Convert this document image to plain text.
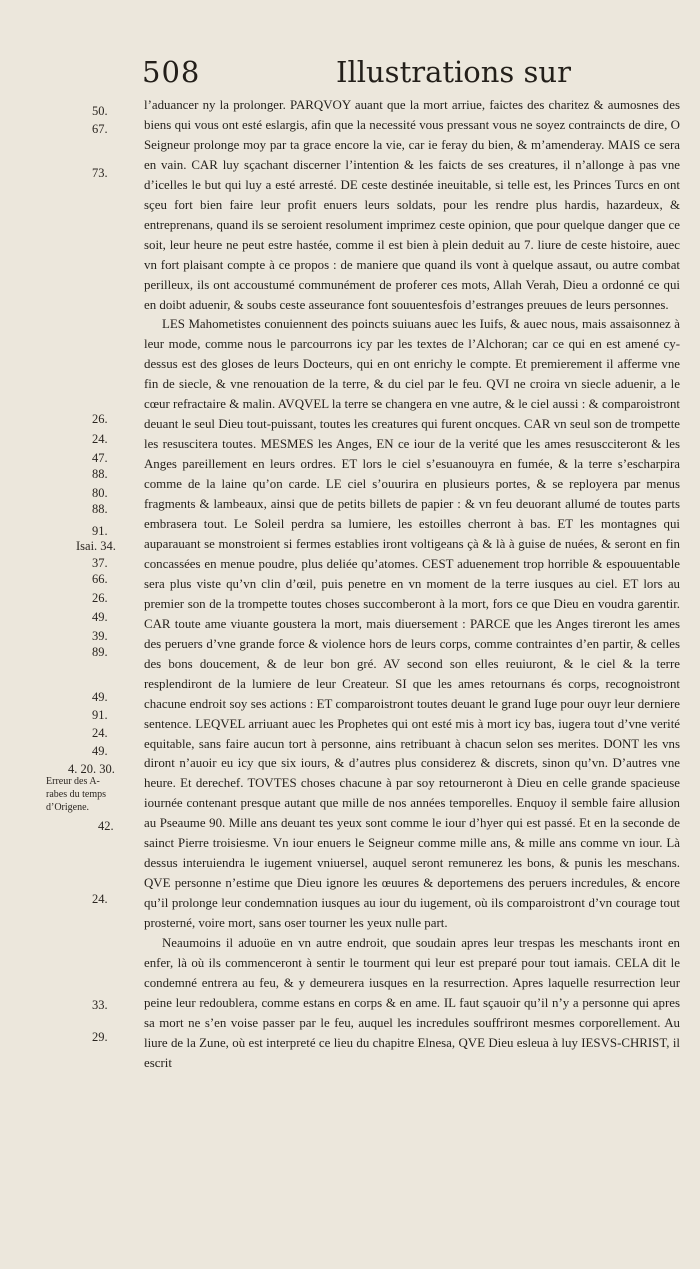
508	Illustrations sur
50.
67.
73.
26.
24.
47.
88.
80.
88.
91.
Isai. 34.
37.
66.
26.
49.
39.
89.
49.
91.
24.
49.
4. 20. 30.
Erreur des A-
rabes du temps
d’Origene.
42.
24.
33.
29.

l’aduancer ny la prolonger. PARQVOY auant que la mort arriue, faictes des charitez & aumosnes des biens qui vous ont esté eslargis, afin que la necessité vous pressant vous ne soyez contraincts de dire, O Seigneur prolonge moy par ta grace encore la vie, car ie feray du bien, & m’amenderay. MAIS ce sera en vain. CAR luy sçachant discerner l’intention & les faicts de ses creatures, il n’allonge à pas vne d’icelles le but qui luy a esté arresté. DE ceste destinée ineuitable, si telle est, les Princes Turcs en ont sçeu fort bien faire leur profit enuers leurs soldats, pour les rendre plus hardis, hazardeux, & entreprenans, quand ils se seroient resolument imprimez ceste opinion, que pour quelque danger que ce soit, leur heure ne peut estre hastée, comme il est bien à plein deduit au 7. liure de ceste histoire, auec vn fort plaisant compte à ce propos : de maniere que quand ils vont à quelque assaut, ou autre combat perilleux, ils ont accoustumé communément de proferer ces mots, Allah Verah, Dieu a ordonné ce qui en doibt aduenir, & soubs ceste asseurance font souuentesfois d’estranges preuues de leurs personnes.

LES Mahometistes conuiennent des poincts suiuans auec les Iuifs, & auec nous, mais assaisonnez à leur mode, comme nous le parcourrons icy par les textes de l’Alchoran; car ce qui en est amené cy-dessus est des gloses de leurs Docteurs, qui en ont enrichy le compte. Et premierement il afferme vne fin de siecle, & vne renouation de la terre, & du ciel par le feu. QVI ne croira vn siecle aduenir, a le cœur refractaire & malin. AVQVEL la terre se changera en vne autre, & le ciel aussi : & comparoistront deuant le seul Dieu tout-puissant, toutes les creatures qui furent oncques. CAR vn seul son de trompette les resuscitera toutes. MESMES les Anges, EN ce iour de la verité que les ames resuscciteront & les Anges pareillement en leurs ordres. ET lors le ciel s’esuanouyra en fumée, & la terre s’escharpira comme de la laine qu’on carde. LE ciel s’ouurira en plusieurs portes, & se reployera par menus fragments & lambeaux, ainsi que de petits billets de papier : & vn feu deuorant allumé de toutes parts embrasera tout. Le Soleil perdra sa lumiere, les estoilles cherront à bas. ET les montagnes qui auparauant se monstroient si fermes establies iront voltigeans çà & là à guise de nuées, & seront en fin concassées en menue poudre, plus deliée qu’atomes. CEST aduenement trop horrible & espouuentable sera plus viste qu’vn clin d’œil, puis penetre en vn moment de la terre iusques au ciel. ET lors au premier son de la trompette toutes choses succomberont à la mort, fors ce que Dieu en voudra garentir. CAR toute ame viuante goustera la mort, mais diuersement : PARCE que les Anges tireront les ames des peruers d’vne grande force & violence hors de leurs corps, comme contraintes d’en partir, & celles des bons doucement, & de leur bon gré. AV second son elles reuiuront, & le ciel & la terre resplendiront de la lumiere de leur Createur. SI que les ames retournans és corps, recognoistront chacune endroit soy ses actions : ET comparoistront toutes deuant le grand Iuge pour ouyr leur derniere sentence. LEQVEL arriuant auec les Prophetes qui ont esté mis à mort icy bas, iugera tout d’vne verité equitable, sans faire aucun tort à personne, ains retribuant à chacun selon ses merites. DONT les vns diront n’auoir eu icy que six iours, & d’autres plus considerez & discrets, sinon qu’vn. D’autres vne heure. Et derechef. TOVTES choses chacune à par soy retourneront à Dieu en celle grande spacieuse iournée contenant presque autant que mille de nos années temporelles. Enquoy il semble faire allusion au Pseaume 90. Mille ans deuant tes yeux sont comme le iour d’hyer qui est passé. Et en la seconde de sainct Pierre troisiesme. Vn iour enuers le Seigneur comme mille ans, & mille ans comme vn iour. Là dessus interuiendra le iugement vniuersel, auquel seront remunerez les bons, & punis les meschans. QVE personne n’estime que Dieu ignore les œuures & deportemens des peruers incredules, & encore qu’il prolonge leur condemnation iusques au iour du iugement, où ils comparoistront d’vn courage tout prosterné, voire mort, sans oser tourner les yeux nulle part.

Neaumoins il aduoüe en vn autre endroit, que soudain apres leur trespas les meschants iront en enfer, là où ils commenceront à sentir le tourment qui leur est preparé pour tout iamais. CELA dit le condemné entrera au feu, & y demeurera iusques en la resurrection. Apres laquelle resurrection leur peine leur redoublera, comme estans en corps & en ame. IL faut sçauoir qu’il n’y a personne qui apres sa mort ne s’en voise passer par le feu, auquel les incredules souffriront mesmes corporellement. Au liure de la Zune, où est interpreté ce lieu du chapitre Elnesa, QVE Dieu esleua à luy IESVS-CHRIST, il escrit
